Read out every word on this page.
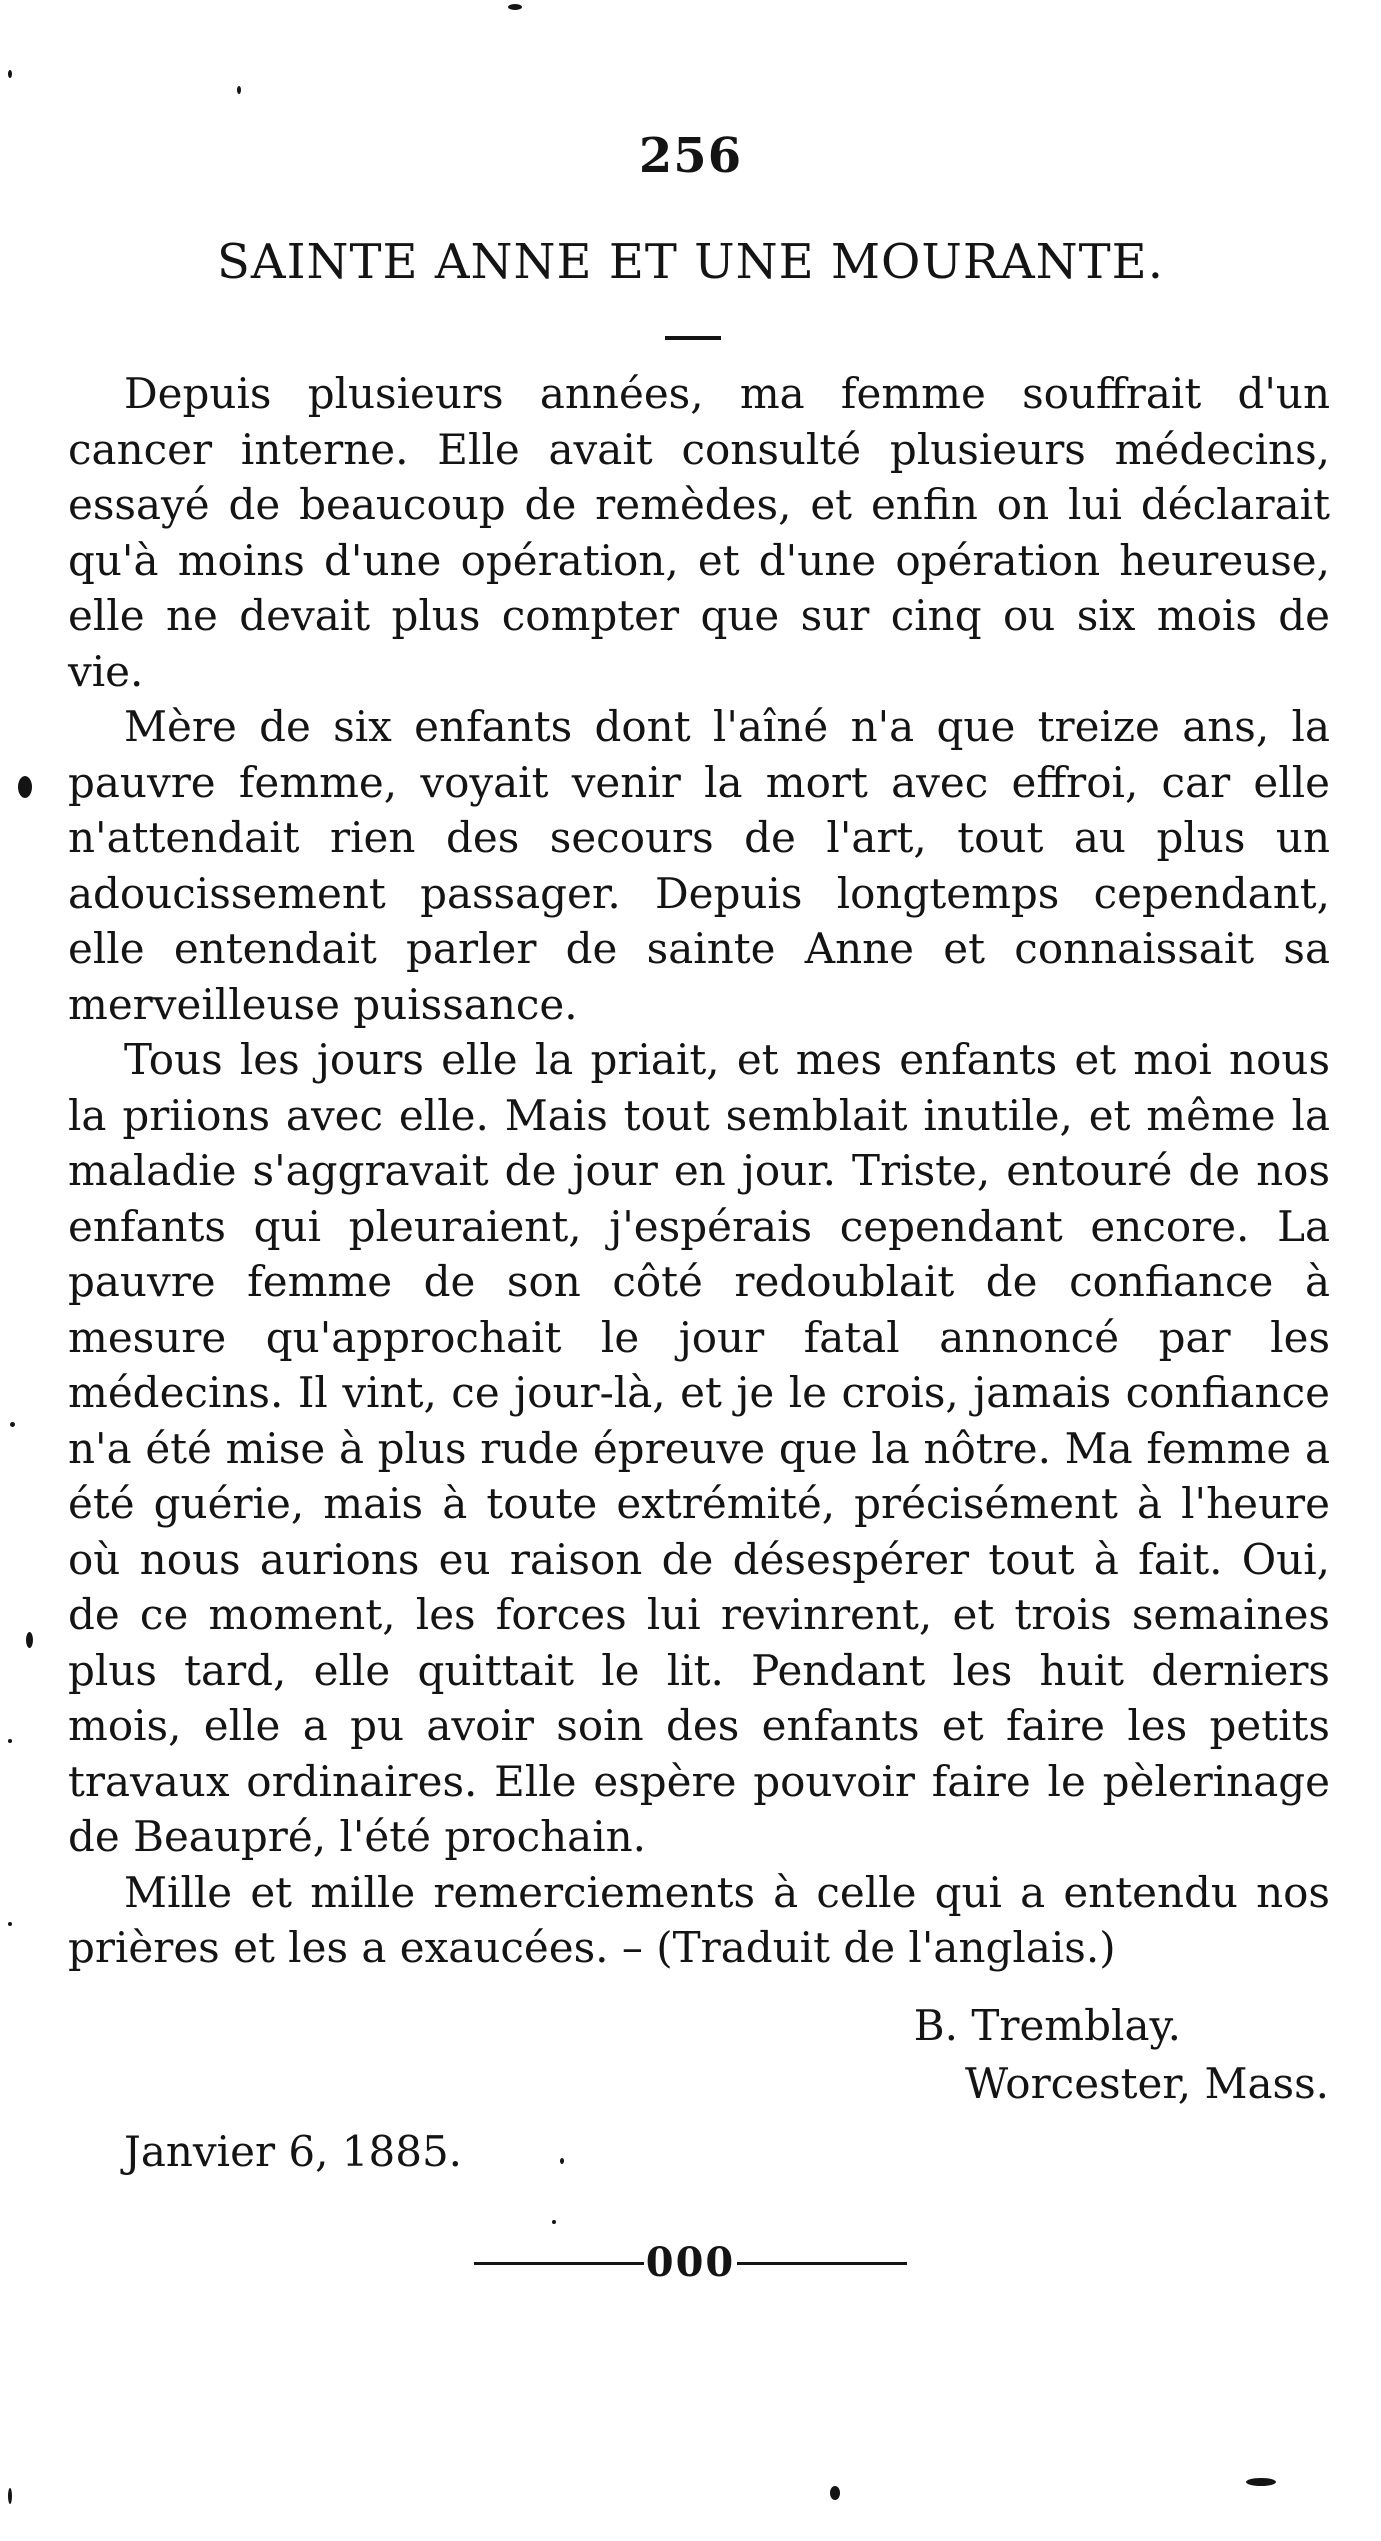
256
SAINTE ANNE ET UNE MOURANTE.

Depuis plusieurs années, ma femme souffrait d'un cancer interne. Elle avait consulté plusieurs médecins, essayé de beaucoup de remèdes, et enfin on lui déclarait qu'à moins d'une opération, et d'une opération heureuse, elle ne devait plus compter que sur cinq ou six mois de vie.

Mère de six enfants dont l'aîné n'a que treize ans, la pauvre femme, voyait venir la mort avec effroi, car elle n'attendait rien des secours de l'art, tout au plus un adoucissement passager. Depuis longtemps cependant, elle entendait parler de sainte Anne et connaissait sa merveilleuse puissance.

Tous les jours elle la priait, et mes enfants et moi nous la priions avec elle. Mais tout semblait inutile, et même la maladie s'aggravait de jour en jour. Triste, entouré de nos enfants qui pleuraient, j'espérais cependant encore. La pauvre femme de son côté redoublait de confiance à mesure qu'approchait le jour fatal annoncé par les médecins. Il vint, ce jour-là, et je le crois, jamais confiance n'a été mise à plus rude épreuve que la nôtre. Ma femme a été guérie, mais à toute extrémité, précisément à l'heure où nous aurions eu raison de désespérer tout à fait. Oui, de ce moment, les forces lui revinrent, et trois semaines plus tard, elle quittait le lit. Pendant les huit derniers mois, elle a pu avoir soin des enfants et faire les petits travaux ordinaires. Elle espère pouvoir faire le pèlerinage de Beaupré, l'été prochain.

Mille et mille remerciements à celle qui a entendu nos prières et les a exaucées. – (Traduit de l'anglais.)

B. Tremblay.
Worcester, Mass.
Janvier 6, 1885.
000
